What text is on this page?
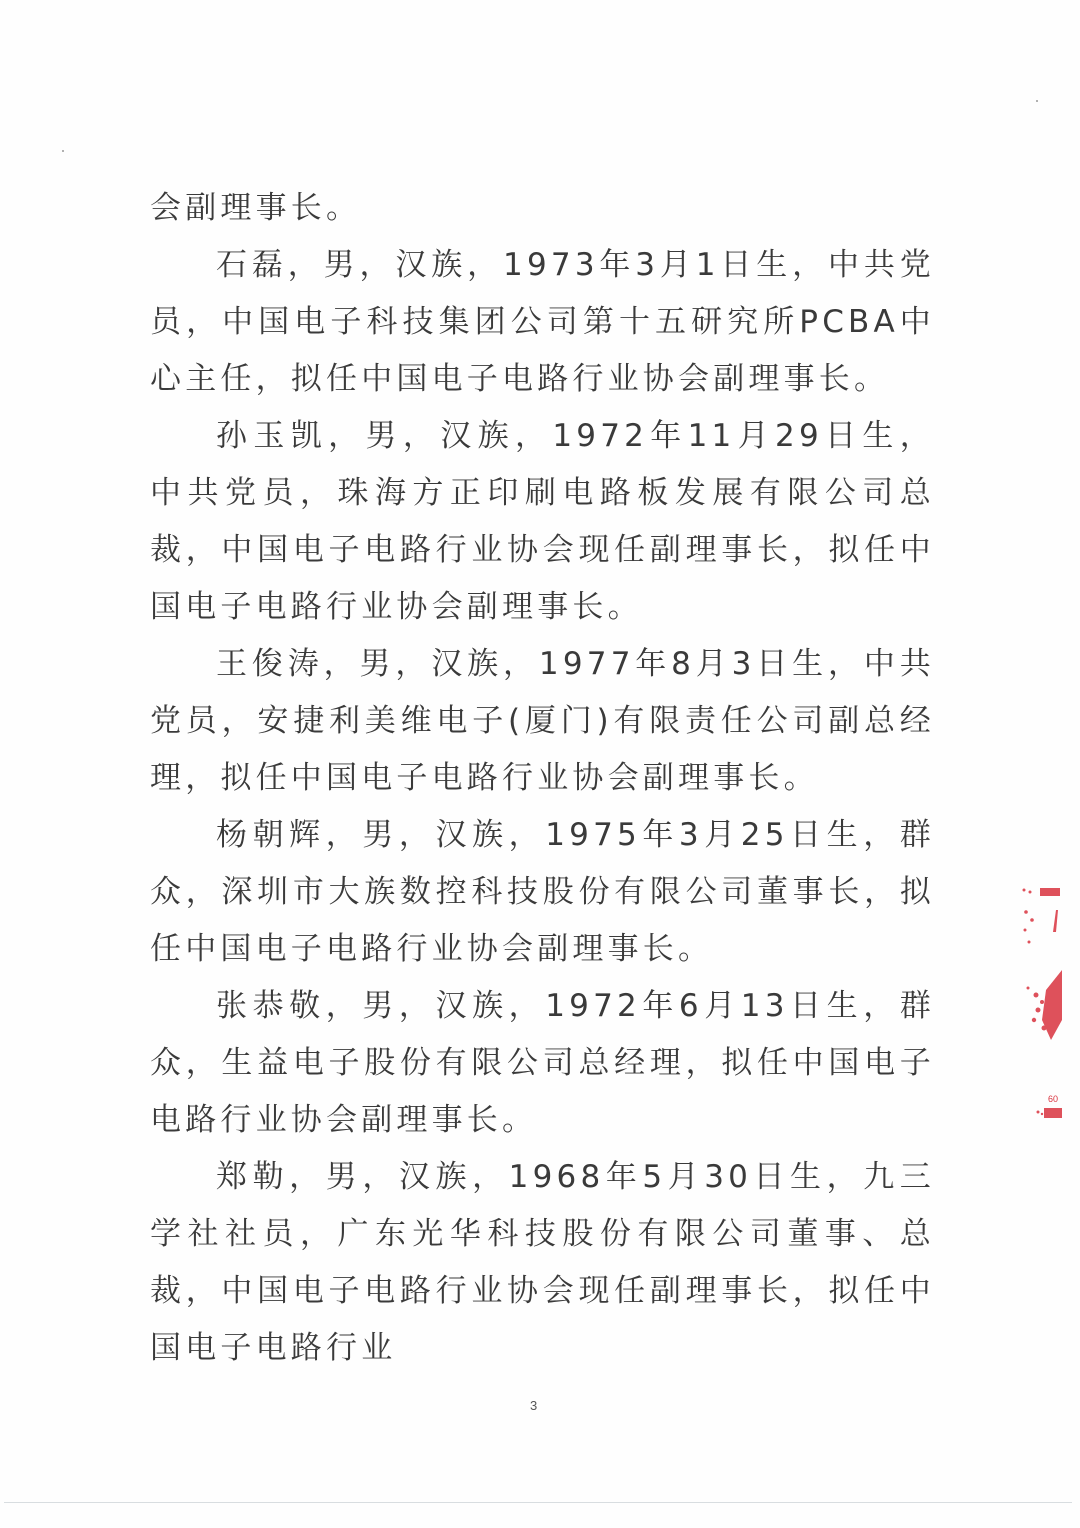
会副理事长。

石磊，男，汉族，1973年3月1日生，中共党员，中国电子科技集团公司第十五研究所PCBA中心主任，拟任中国电子电路行业协会副理事长。

孙玉凯，男，汉族，1972年11月29日生，中共党员，珠海方正印刷电路板发展有限公司总裁，中国电子电路行业协会现任副理事长，拟任中国电子电路行业协会副理事长。

王俊涛，男，汉族，1977年8月3日生，中共党员，安捷利美维电子(厦门)有限责任公司副总经理，拟任中国电子电路行业协会副理事长。

杨朝辉，男，汉族，1975年3月25日生，群众，深圳市大族数控科技股份有限公司董事长，拟任中国电子电路行业协会副理事长。

张恭敬，男，汉族，1972年6月13日生，群众，生益电子股份有限公司总经理，拟任中国电子电路行业协会副理事长。

郑勒，男，汉族，1968年5月30日生，九三学社社员，广东光华科技股份有限公司董事、总裁，中国电子电路行业协会现任副理事长，拟任中国电子电路行业

60
3
